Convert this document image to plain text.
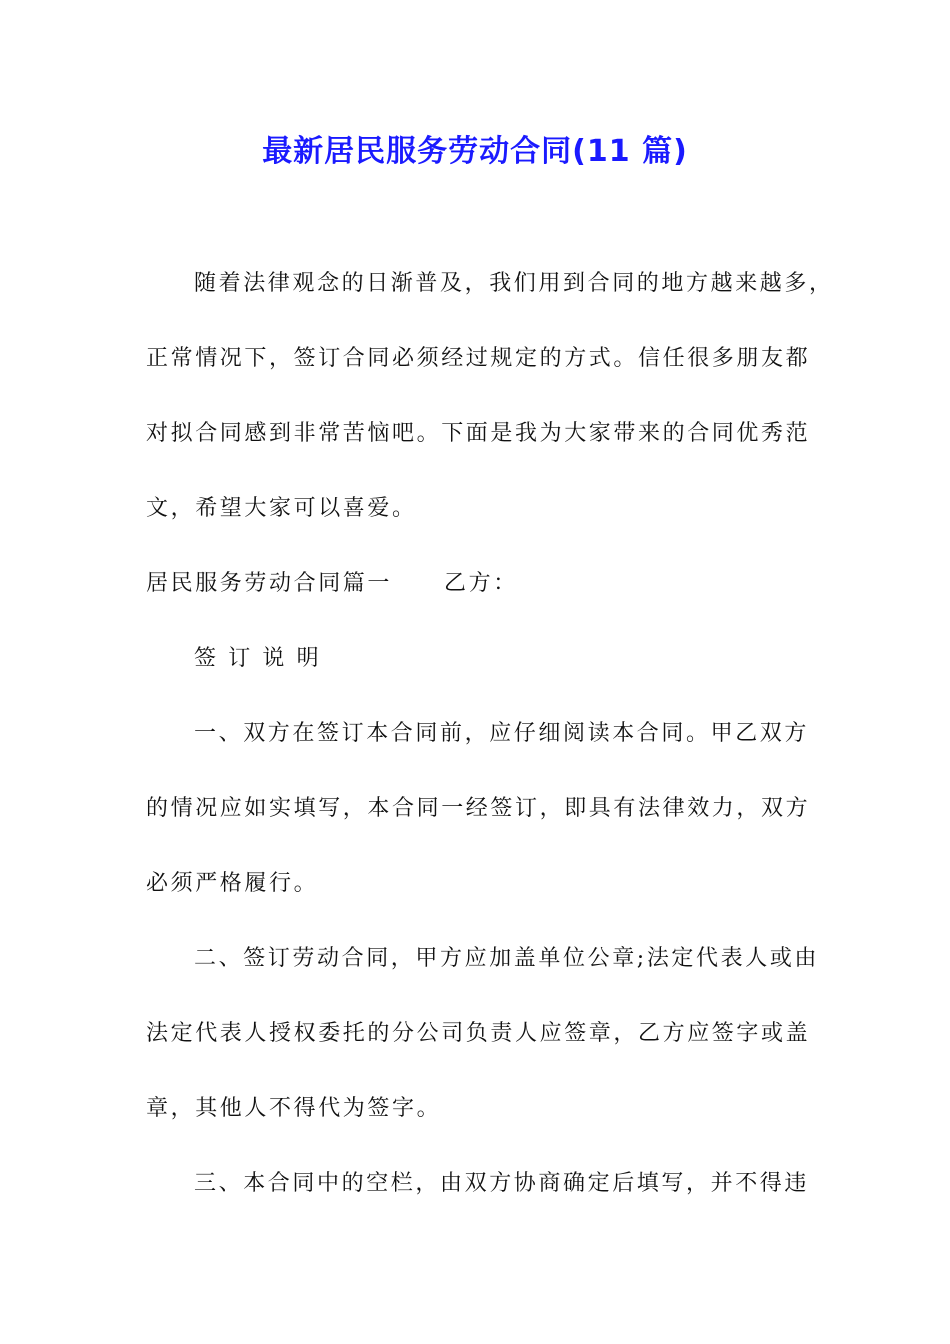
最新居民服务劳动合同(11 篇)

随着法律观念的日渐普及，我们用到合同的地方越来越多，

正常情况下，签订合同必须经过规定的方式。信任很多朋友都

对拟合同感到非常苦恼吧。下面是我为大家带来的合同优秀范

文，希望大家可以喜爱。

居民服务劳动合同篇一 乙方：

签 订 说 明

一、双方在签订本合同前，应仔细阅读本合同。甲乙双方

的情况应如实填写，本合同一经签订，即具有法律效力，双方

必须严格履行。

二、签订劳动合同，甲方应加盖单位公章;法定代表人或由

法定代表人授权委托的分公司负责人应签章，乙方应签字或盖

章，其他人不得代为签字。

三、本合同中的空栏，由双方协商确定后填写，并不得违
